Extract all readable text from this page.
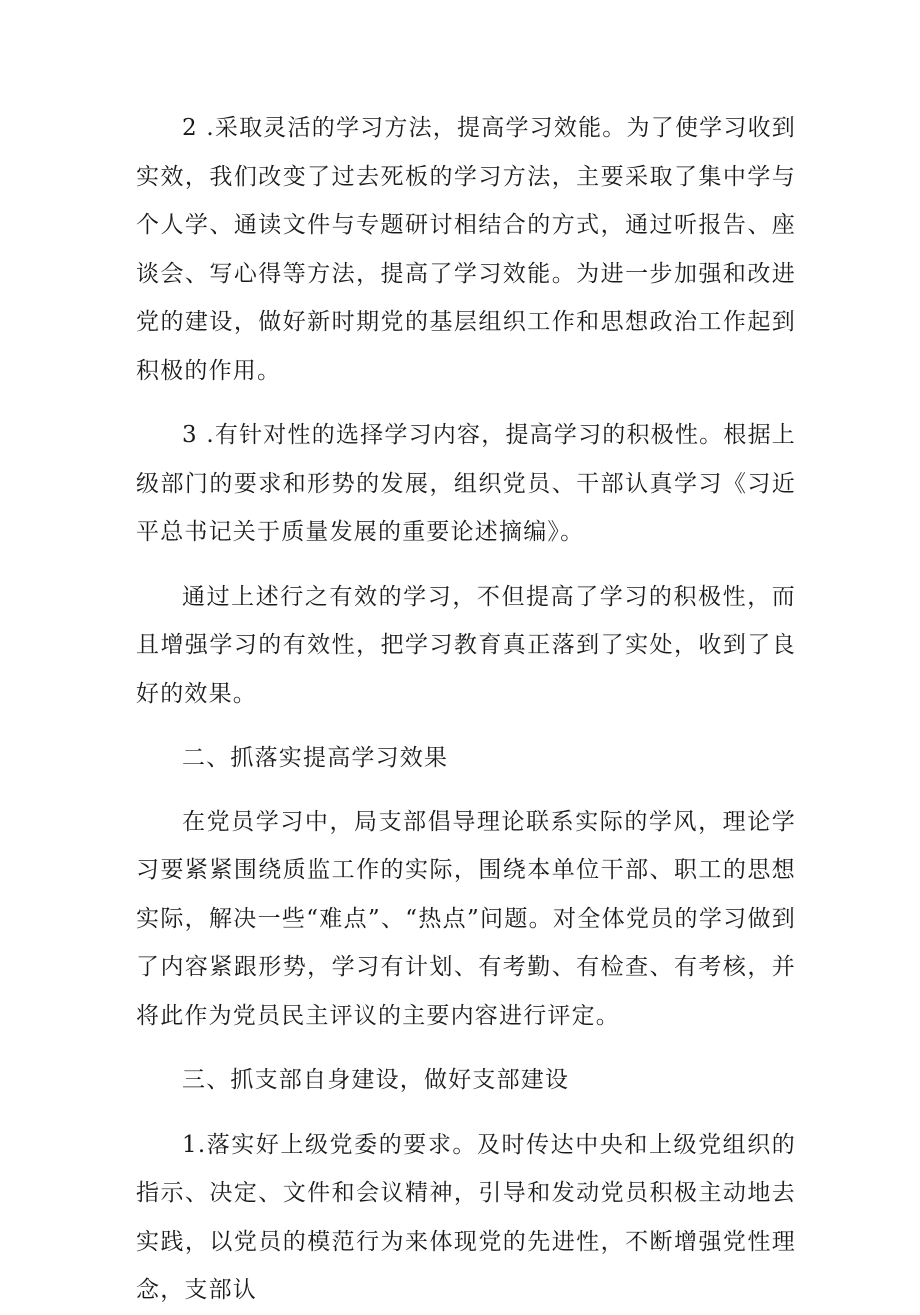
2 .采取灵活的学习方法，提高学习效能。为了使学习收到实效，我们改变了过去死板的学习方法，主要采取了集中学与个人学、通读文件与专题研讨相结合的方式，通过听报告、座谈会、写心得等方法，提高了学习效能。为进一步加强和改进党的建设，做好新时期党的基层组织工作和思想政治工作起到积极的作用。

3 .有针对性的选择学习内容，提高学习的积极性。根据上级部门的要求和形势的发展，组织党员、干部认真学习《习近平总书记关于质量发展的重要论述摘编》。

通过上述行之有效的学习，不但提高了学习的积极性，而且增强学习的有效性，把学习教育真正落到了实处，收到了良好的效果。

二、抓落实提高学习效果

在党员学习中，局支部倡导理论联系实际的学风，理论学习要紧紧围绕质监工作的实际，围绕本单位干部、职工的思想实际，解决一些“难点”、“热点”问题。对全体党员的学习做到了内容紧跟形势，学习有计划、有考勤、有检查、有考核，并将此作为党员民主评议的主要内容进行评定。

三、抓支部自身建设，做好支部建设

1.落实好上级党委的要求。及时传达中央和上级党组织的指示、决定、文件和会议精神，引导和发动党员积极主动地去实践，以党员的模范行为来体现党的先进性，不断增强党性理念，支部认
